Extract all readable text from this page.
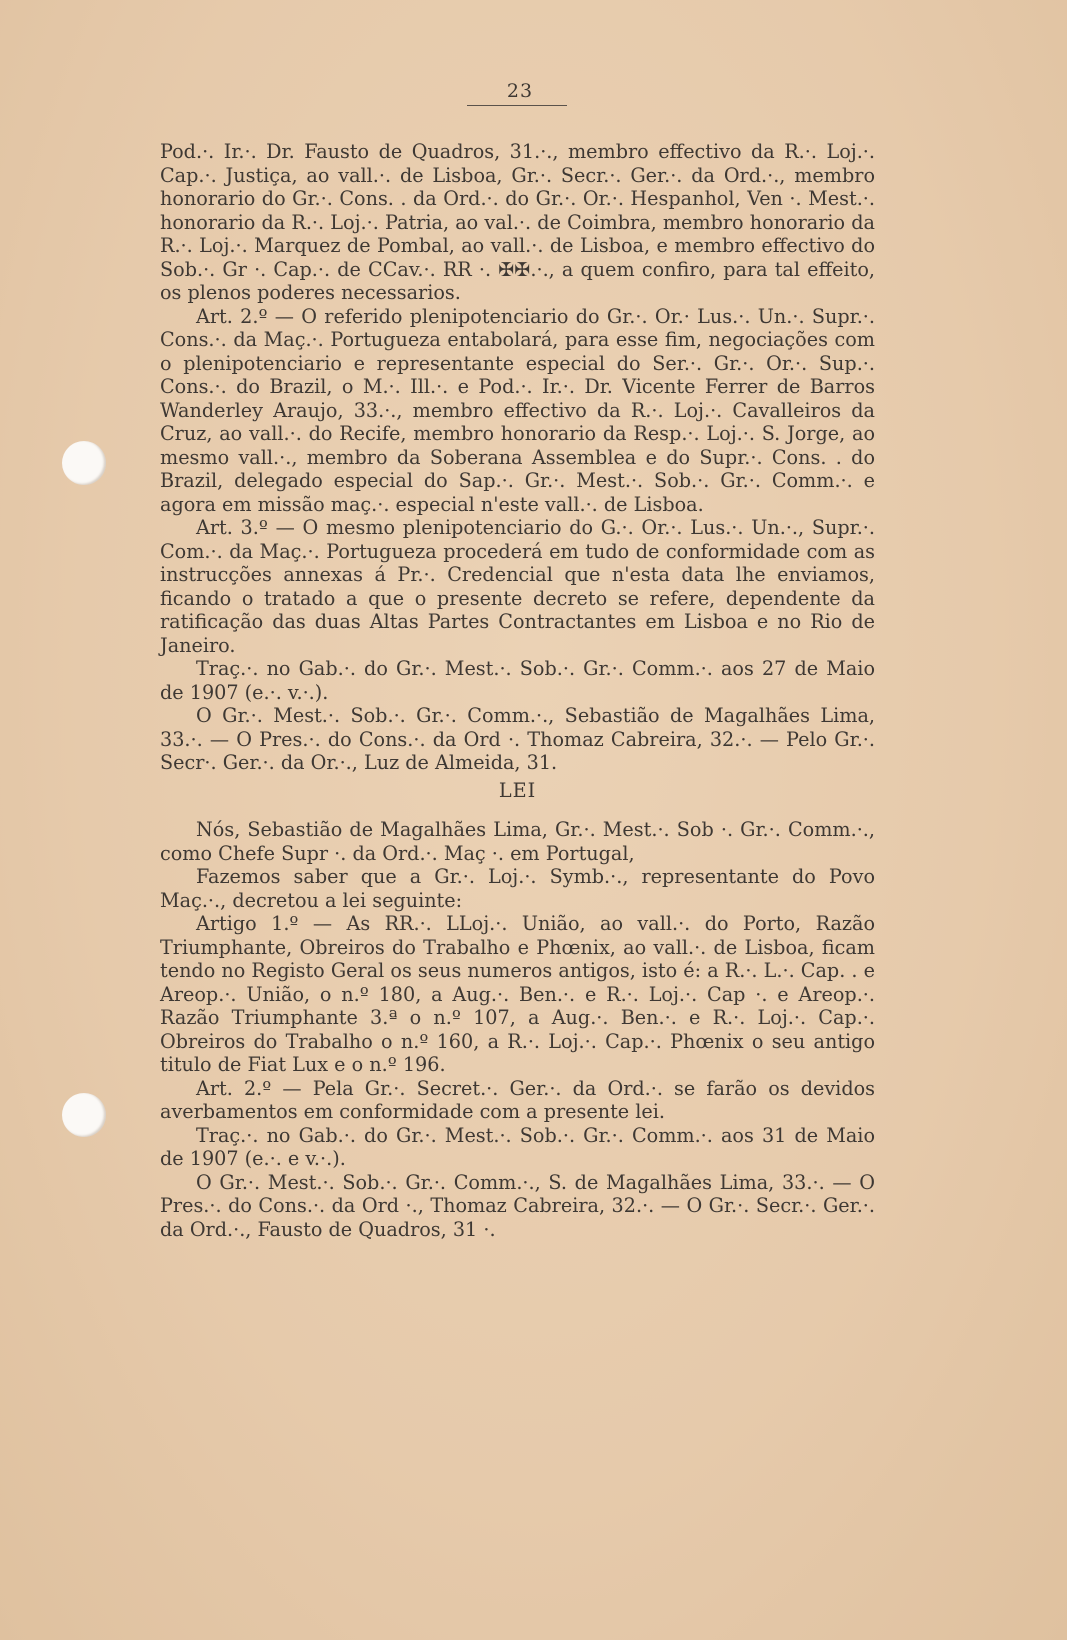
23

Pod.·. Ir.·. Dr. Fausto de Quadros, 31.·., membro effectivo da R.·. Loj.·. Cap.·. Justiça, ao vall.·. de Lisboa, Gr.·. Secr.·. Ger.·. da Ord.·., membro honorario do Gr.·. Cons. . da Ord.·. do Gr.·. Or.·. Hespanhol, Ven ·. Mest.·. honorario da R.·. Loj.·. Patria, ao val.·. de Coimbra, membro honorario da R.·. Loj.·. Marquez de Pombal, ao vall.·. de Lisboa, e membro effectivo do Sob.·. Gr ·. Cap.·. de CCav.·. RR ·. ✠✠.·., a quem confiro, para tal effeito, os plenos poderes necessarios.

Art. 2.º — O referido plenipotenciario do Gr.·. Or.· Lus.·. Un.·. Supr.·. Cons.·. da Maç.·. Portugueza entabolará, para esse fim, negociações com o plenipotenciario e representante especial do Ser.·. Gr.·. Or.·. Sup.·. Cons.·. do Brazil, o M.·. Ill.·. e Pod.·. Ir.·. Dr. Vicente Ferrer de Barros Wanderley Araujo, 33.·., membro effectivo da R.·. Loj.·. Cavalleiros da Cruz, ao vall.·. do Recife, membro honorario da Resp.·. Loj.·. S. Jorge, ao mesmo vall.·., membro da Soberana Assemblea e do Supr.·. Cons. . do Brazil, delegado especial do Sap.·. Gr.·. Mest.·. Sob.·. Gr.·. Comm.·. e agora em missão maç.·. especial n'este vall.·. de Lisboa.

Art. 3.º — O mesmo plenipotenciario do G.·. Or.·. Lus.·. Un.·., Supr.·. Com.·. da Maç.·. Portugueza procederá em tudo de conformidade com as instrucções annexas á Pr.·. Credencial que n'esta data lhe enviamos, ficando o tratado a que o presente decreto se refere, dependente da ratificação das duas Altas Partes Contractantes em Lisboa e no Rio de Janeiro.

Traç.·. no Gab.·. do Gr.·. Mest.·. Sob.·. Gr.·. Comm.·. aos 27 de Maio de 1907 (e.·. v.·.).

O Gr.·. Mest.·. Sob.·. Gr.·. Comm.·., Sebastião de Magalhães Lima, 33.·. — O Pres.·. do Cons.·. da Ord ·. Thomaz Cabreira, 32.·. — Pelo Gr.·. Secr·. Ger.·. da Or.·., Luz de Almeida, 31.

LEI

Nós, Sebastião de Magalhães Lima, Gr.·. Mest.·. Sob ·. Gr.·. Comm.·., como Chefe Supr ·. da Ord.·. Maç ·. em Portugal,

Fazemos saber que a Gr.·. Loj.·. Symb.·., representante do Povo Maç.·., decretou a lei seguinte:

Artigo 1.º — As RR.·. LLoj.·. União, ao vall.·. do Porto, Razão Triumphante, Obreiros do Trabalho e Phœnix, ao vall.·. de Lisboa, ficam tendo no Registo Geral os seus numeros antigos, isto é: a R.·. L.·. Cap. . e Areop.·. União, o n.º 180, a Aug.·. Ben.·. e R.·. Loj.·. Cap ·. e Areop.·. Razão Triumphante 3.ª o n.º 107, a Aug.·. Ben.·. e R.·. Loj.·. Cap.·. Obreiros do Trabalho o n.º 160, a R.·. Loj.·. Cap.·. Phœnix o seu antigo titulo de Fiat Lux e o n.º 196.

Art. 2.º — Pela Gr.·. Secret.·. Ger.·. da Ord.·. se farão os devidos averbamentos em conformidade com a presente lei.

Traç.·. no Gab.·. do Gr.·. Mest.·. Sob.·. Gr.·. Comm.·. aos 31 de Maio de 1907 (e.·. e v.·.).

O Gr.·. Mest.·. Sob.·. Gr.·. Comm.·., S. de Magalhães Lima, 33.·. — O Pres.·. do Cons.·. da Ord ·., Thomaz Cabreira, 32.·. — O Gr.·. Secr.·. Ger.·. da Ord.·., Fausto de Quadros, 31 ·.
